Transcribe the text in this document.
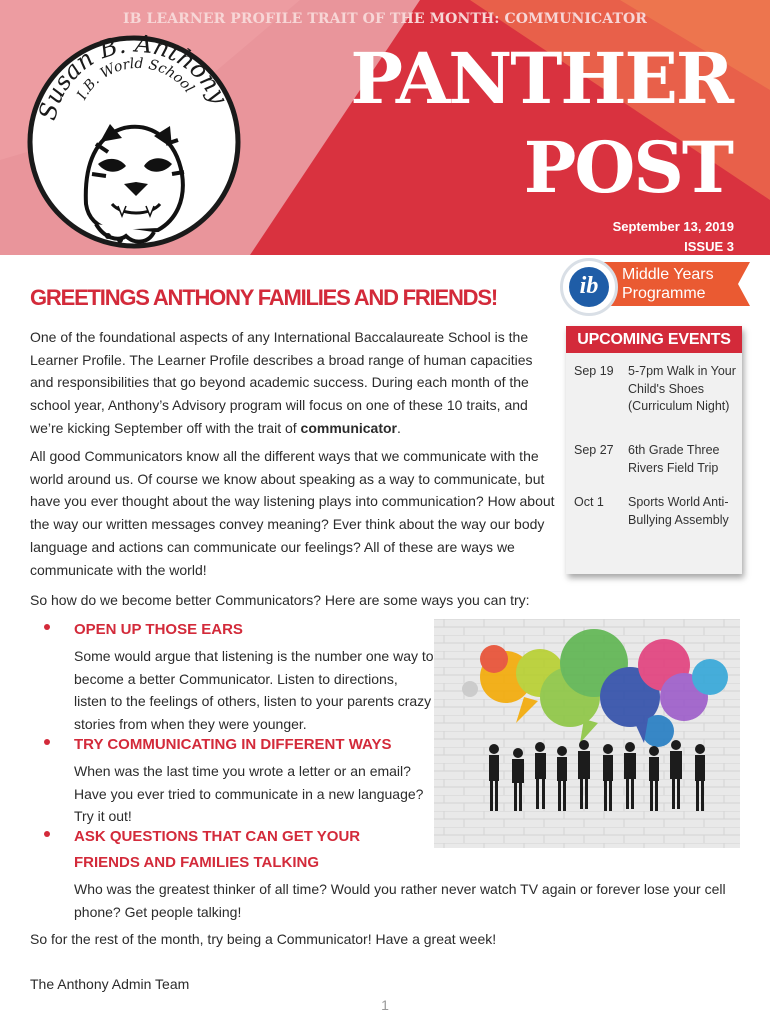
IB LEARNER PROFILE TRAIT OF THE MONTH: COMMUNICATOR
PANTHER
POST
September 13, 2019
ISSUE 3
Susan B. Anthony
I.B. World School
GREETINGS ANTHONY FAMILIES AND FRIENDS!	ib	Middle Years
Programme

One of the foundational aspects of any International Baccalaureate School is the Learner Profile. The Learner Profile describes a broad range of human capacities and responsibilities that go beyond academic success. During each month of the school year, Anthony’s Advisory program will focus on one of these 10 traits, and we’re kicking September off with the trait of communicator.

All good Communicators know all the different ways that we communicate with the world around us. Of course we know about speaking as a way to communicate, but have you ever thought about the way listening plays into communication? How about the way our written messages convey meaning? Ever think about the way our body language and actions can communicate our feelings? All of these are ways we communicate with the world!

So how do we become better Communicators? Here are some ways you can try:

UPCOMING EVENTS
Sep 19	5-7pm Walk in Your Child's Shoes (Curriculum Night)
Sep 27	6th Grade Three Rivers Field Trip
Oct 1	Sports World Anti-Bullying Assembly
OPEN UP THOSE EARS
Some would argue that listening is the number one way to become a better Communicator. Listen to directions, listen to the feelings of others, listen to your parents crazy stories from when they were younger.
TRY COMMUNICATING IN DIFFERENT WAYS
When was the last time you wrote a letter or an email? Have you ever tried to communicate in a new language? Try it out!
ASK QUESTIONS THAT CAN GET YOUR FRIENDS AND FAMILIES TALKING
Who was the greatest thinker of all time? Would you rather never watch TV again or forever lose your cell phone? Get people talking!
So for the rest of the month, try being a Communicator! Have a great week!
The Anthony Admin Team
1
